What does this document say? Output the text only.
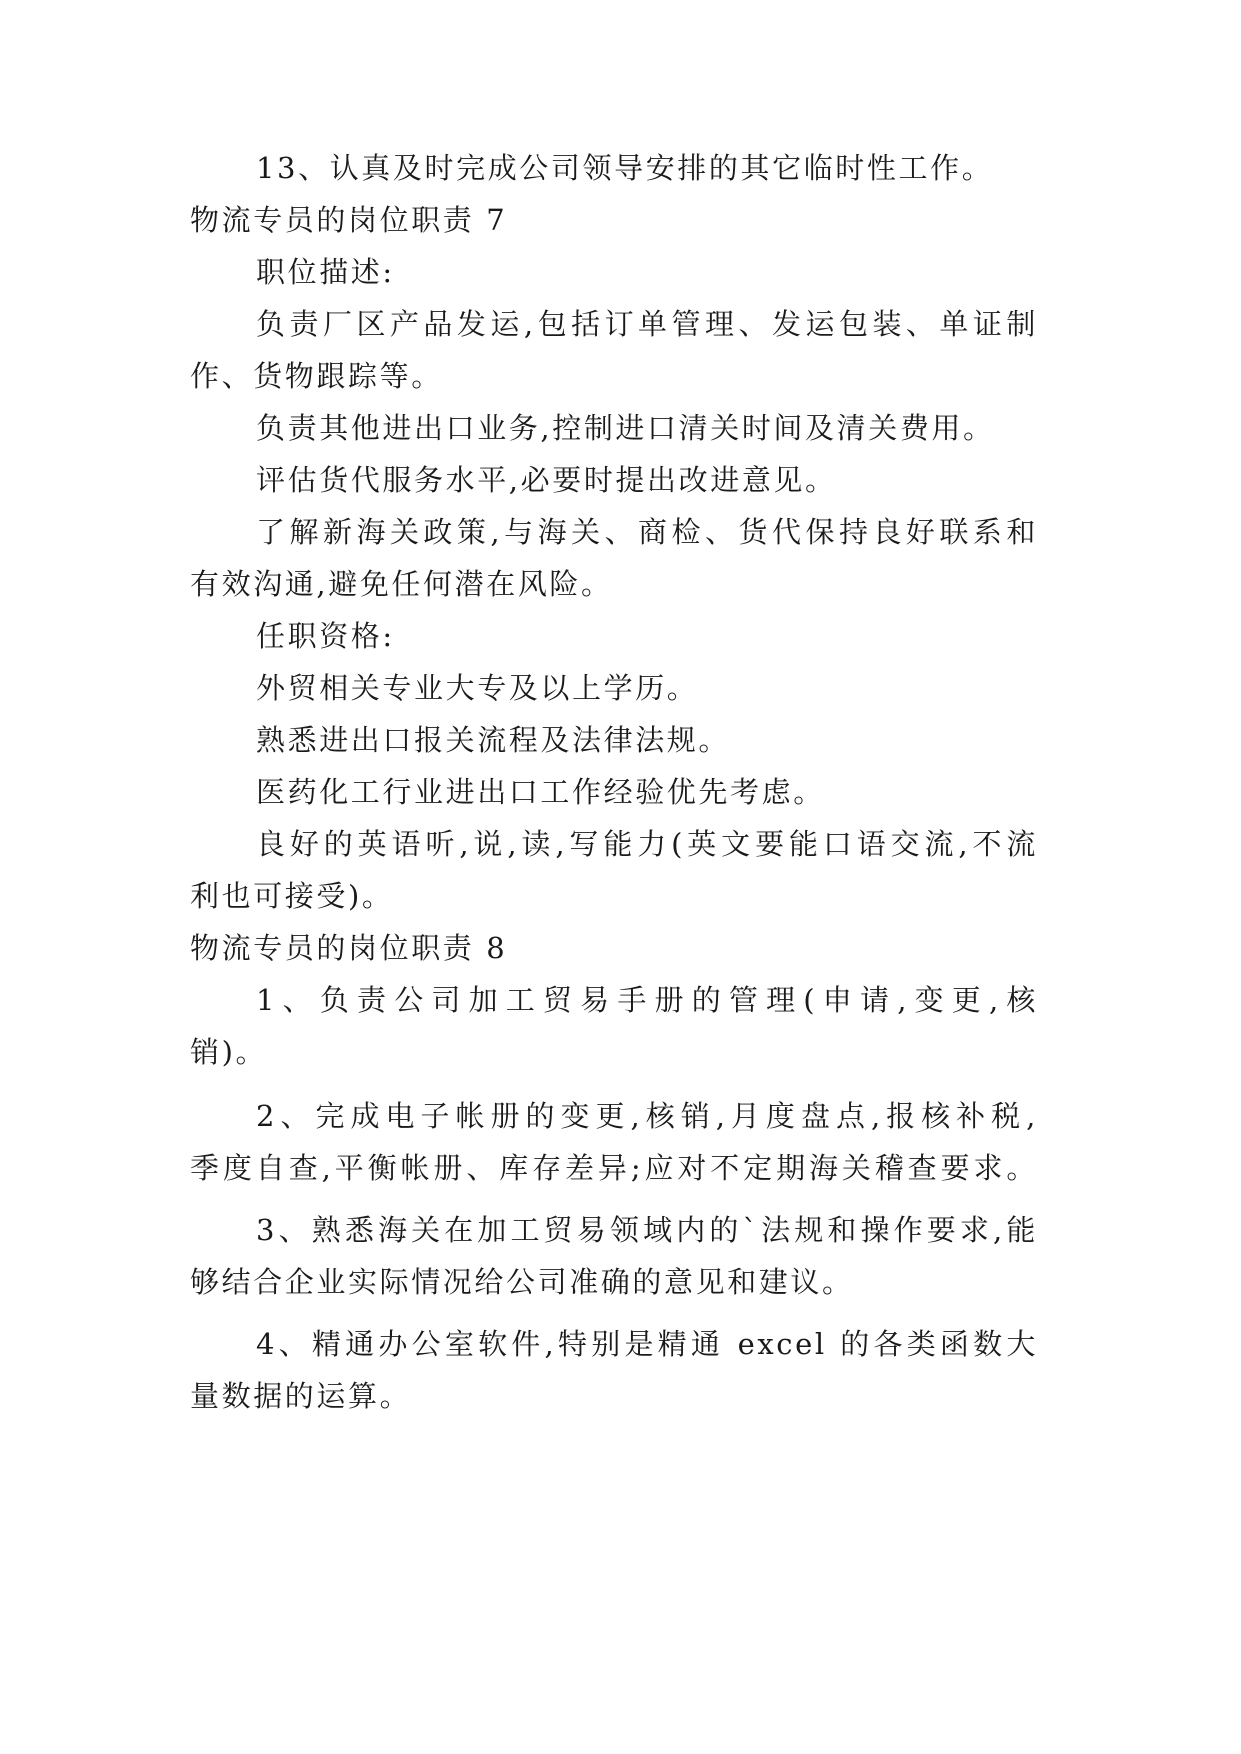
13、认真及时完成公司领导安排的其它临时性工作。
物流专员的岗位职责 7
职位描述:
负责厂区产品发运,包括订单管理、发运包装、单证制
作、货物跟踪等。
负责其他进出口业务,控制进口清关时间及清关费用。
评估货代服务水平,必要时提出改进意见。
了解新海关政策,与海关、商检、货代保持良好联系和
有效沟通,避免任何潜在风险。
任职资格:
外贸相关专业大专及以上学历。
熟悉进出口报关流程及法律法规。
医药化工行业进出口工作经验优先考虑。
良好的英语听,说,读,写能力(英文要能口语交流,不流
利也可接受)。
物流专员的岗位职责 8
1、负责公司加工贸易手册的管理(申请,变更,核
销)。
2、完成电子帐册的变更,核销,月度盘点,报核补税,
季度自查,平衡帐册、库存差异;应对不定期海关稽查要求。
3、熟悉海关在加工贸易领域内的`法规和操作要求,能
够结合企业实际情况给公司准确的意见和建议。
4、精通办公室软件,特别是精通 excel 的各类函数大
量数据的运算。
